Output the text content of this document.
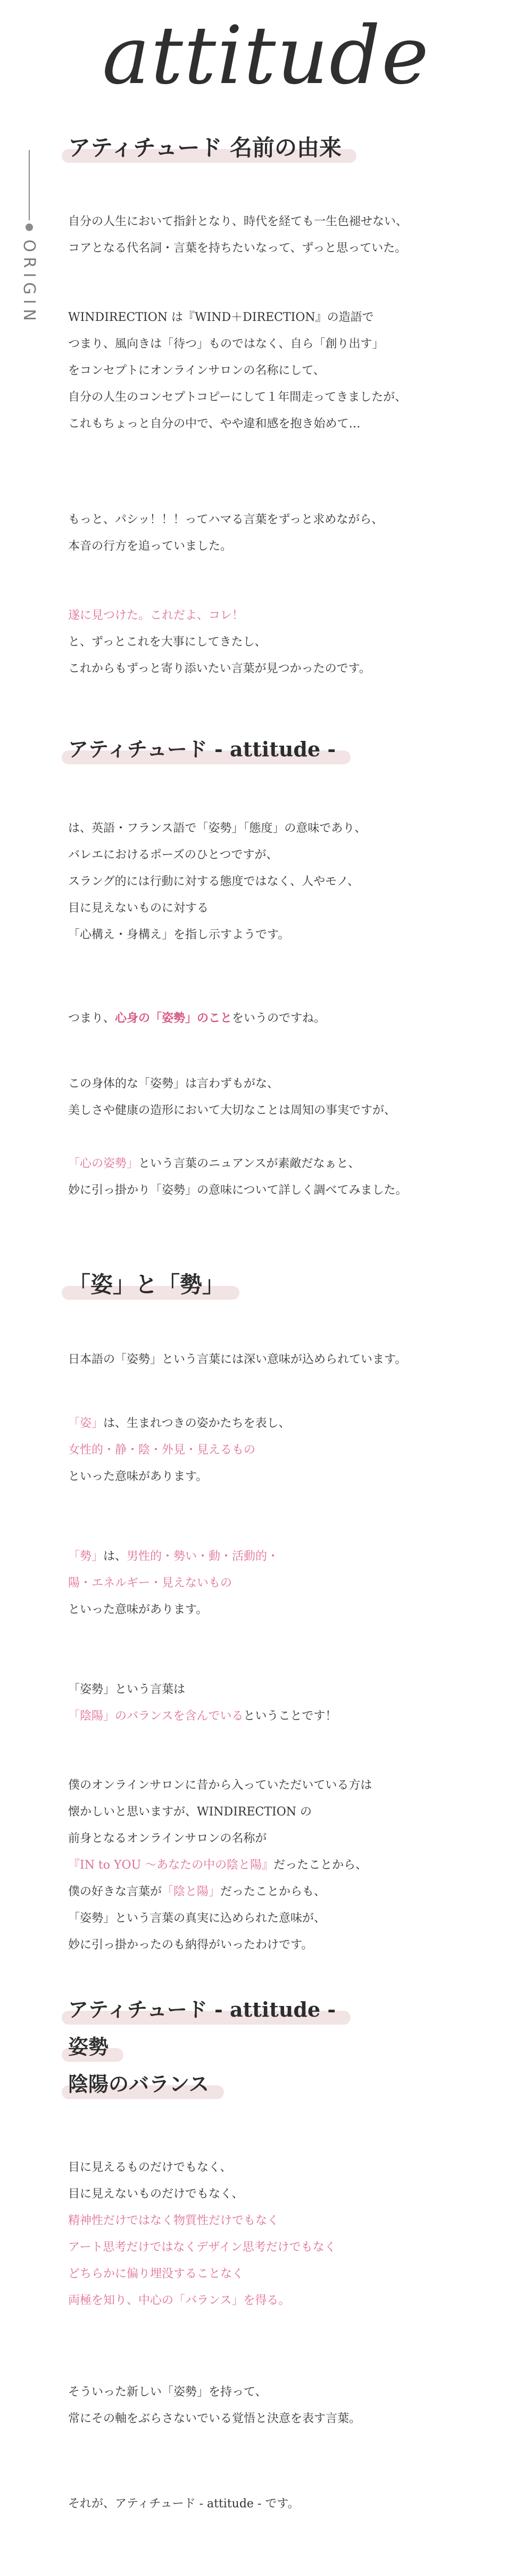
attitude
ORIGIN
アティチュード 名前の由来

自分の人生において指針となり、時代を経ても一生色褪せない、

コアとなる代名詞・言葉を持ちたいなって、ずっと思っていた。

WINDIRECTION は『WIND＋DIRECTION』の造語で

つまり、風向きは「待つ」ものではなく、自ら「創り出す」

をコンセプトにオンラインサロンの名称にして、

自分の人生のコンセプトコピーにして１年間走ってきましたが、

これもちょっと自分の中で、やや違和感を抱き始めて…

もっと、パシッ！！！ってハマる言葉をずっと求めながら、

本音の行方を追っていました。

遂に見つけた。これだよ、コレ！

と、ずっとこれを大事にしてきたし、

これからもずっと寄り添いたい言葉が見つかったのです。

アティチュード - attitude -

は、英語・フランス語で「姿勢」「態度」の意味であり、

バレエにおけるポーズのひとつですが、

スラング的には行動に対する態度ではなく、人やモノ、

目に見えないものに対する

「心構え・身構え」を指し示すようです。

つまり、心身の「姿勢」のことをいうのですね。

この身体的な「姿勢」は言わずもがな、

美しさや健康の造形において大切なことは周知の事実ですが、

「心の姿勢」という言葉のニュアンスが素敵だなぁと、

妙に引っ掛かり「姿勢」の意味について詳しく調べてみました。

「姿」と「勢」

日本語の「姿勢」という言葉には深い意味が込められています。

「姿」は、生まれつきの姿かたちを表し、

女性的・静・陰・外見・見えるもの

といった意味があります。

「勢」は、男性的・勢い・動・活動的・

陽・エネルギー・見えないもの

といった意味があります。

「姿勢」という言葉は

「陰陽」のバランスを含んでいるということです！

僕のオンラインサロンに昔から入っていただいている方は

懐かしいと思いますが、WINDIRECTION の

前身となるオンラインサロンの名称が

『IN to YOU 〜あなたの中の陰と陽』だったことから、

僕の好きな言葉が「陰と陽」だったことからも、

「姿勢」という言葉の真実に込められた意味が、

妙に引っ掛かったのも納得がいったわけです。

アティチュード - attitude -
姿勢
陰陽のバランス

目に見えるものだけでもなく、

目に見えないものだけでもなく、

精神性だけではなく物質性だけでもなく

アート思考だけではなくデザイン思考だけでもなく

どちらかに偏り埋没することなく

両極を知り、中心の「バランス」を得る。

そういった新しい「姿勢」を持って、

常にその軸をぶらさないでいる覚悟と決意を表す言葉。

それが、アティチュード - attitude - です。
